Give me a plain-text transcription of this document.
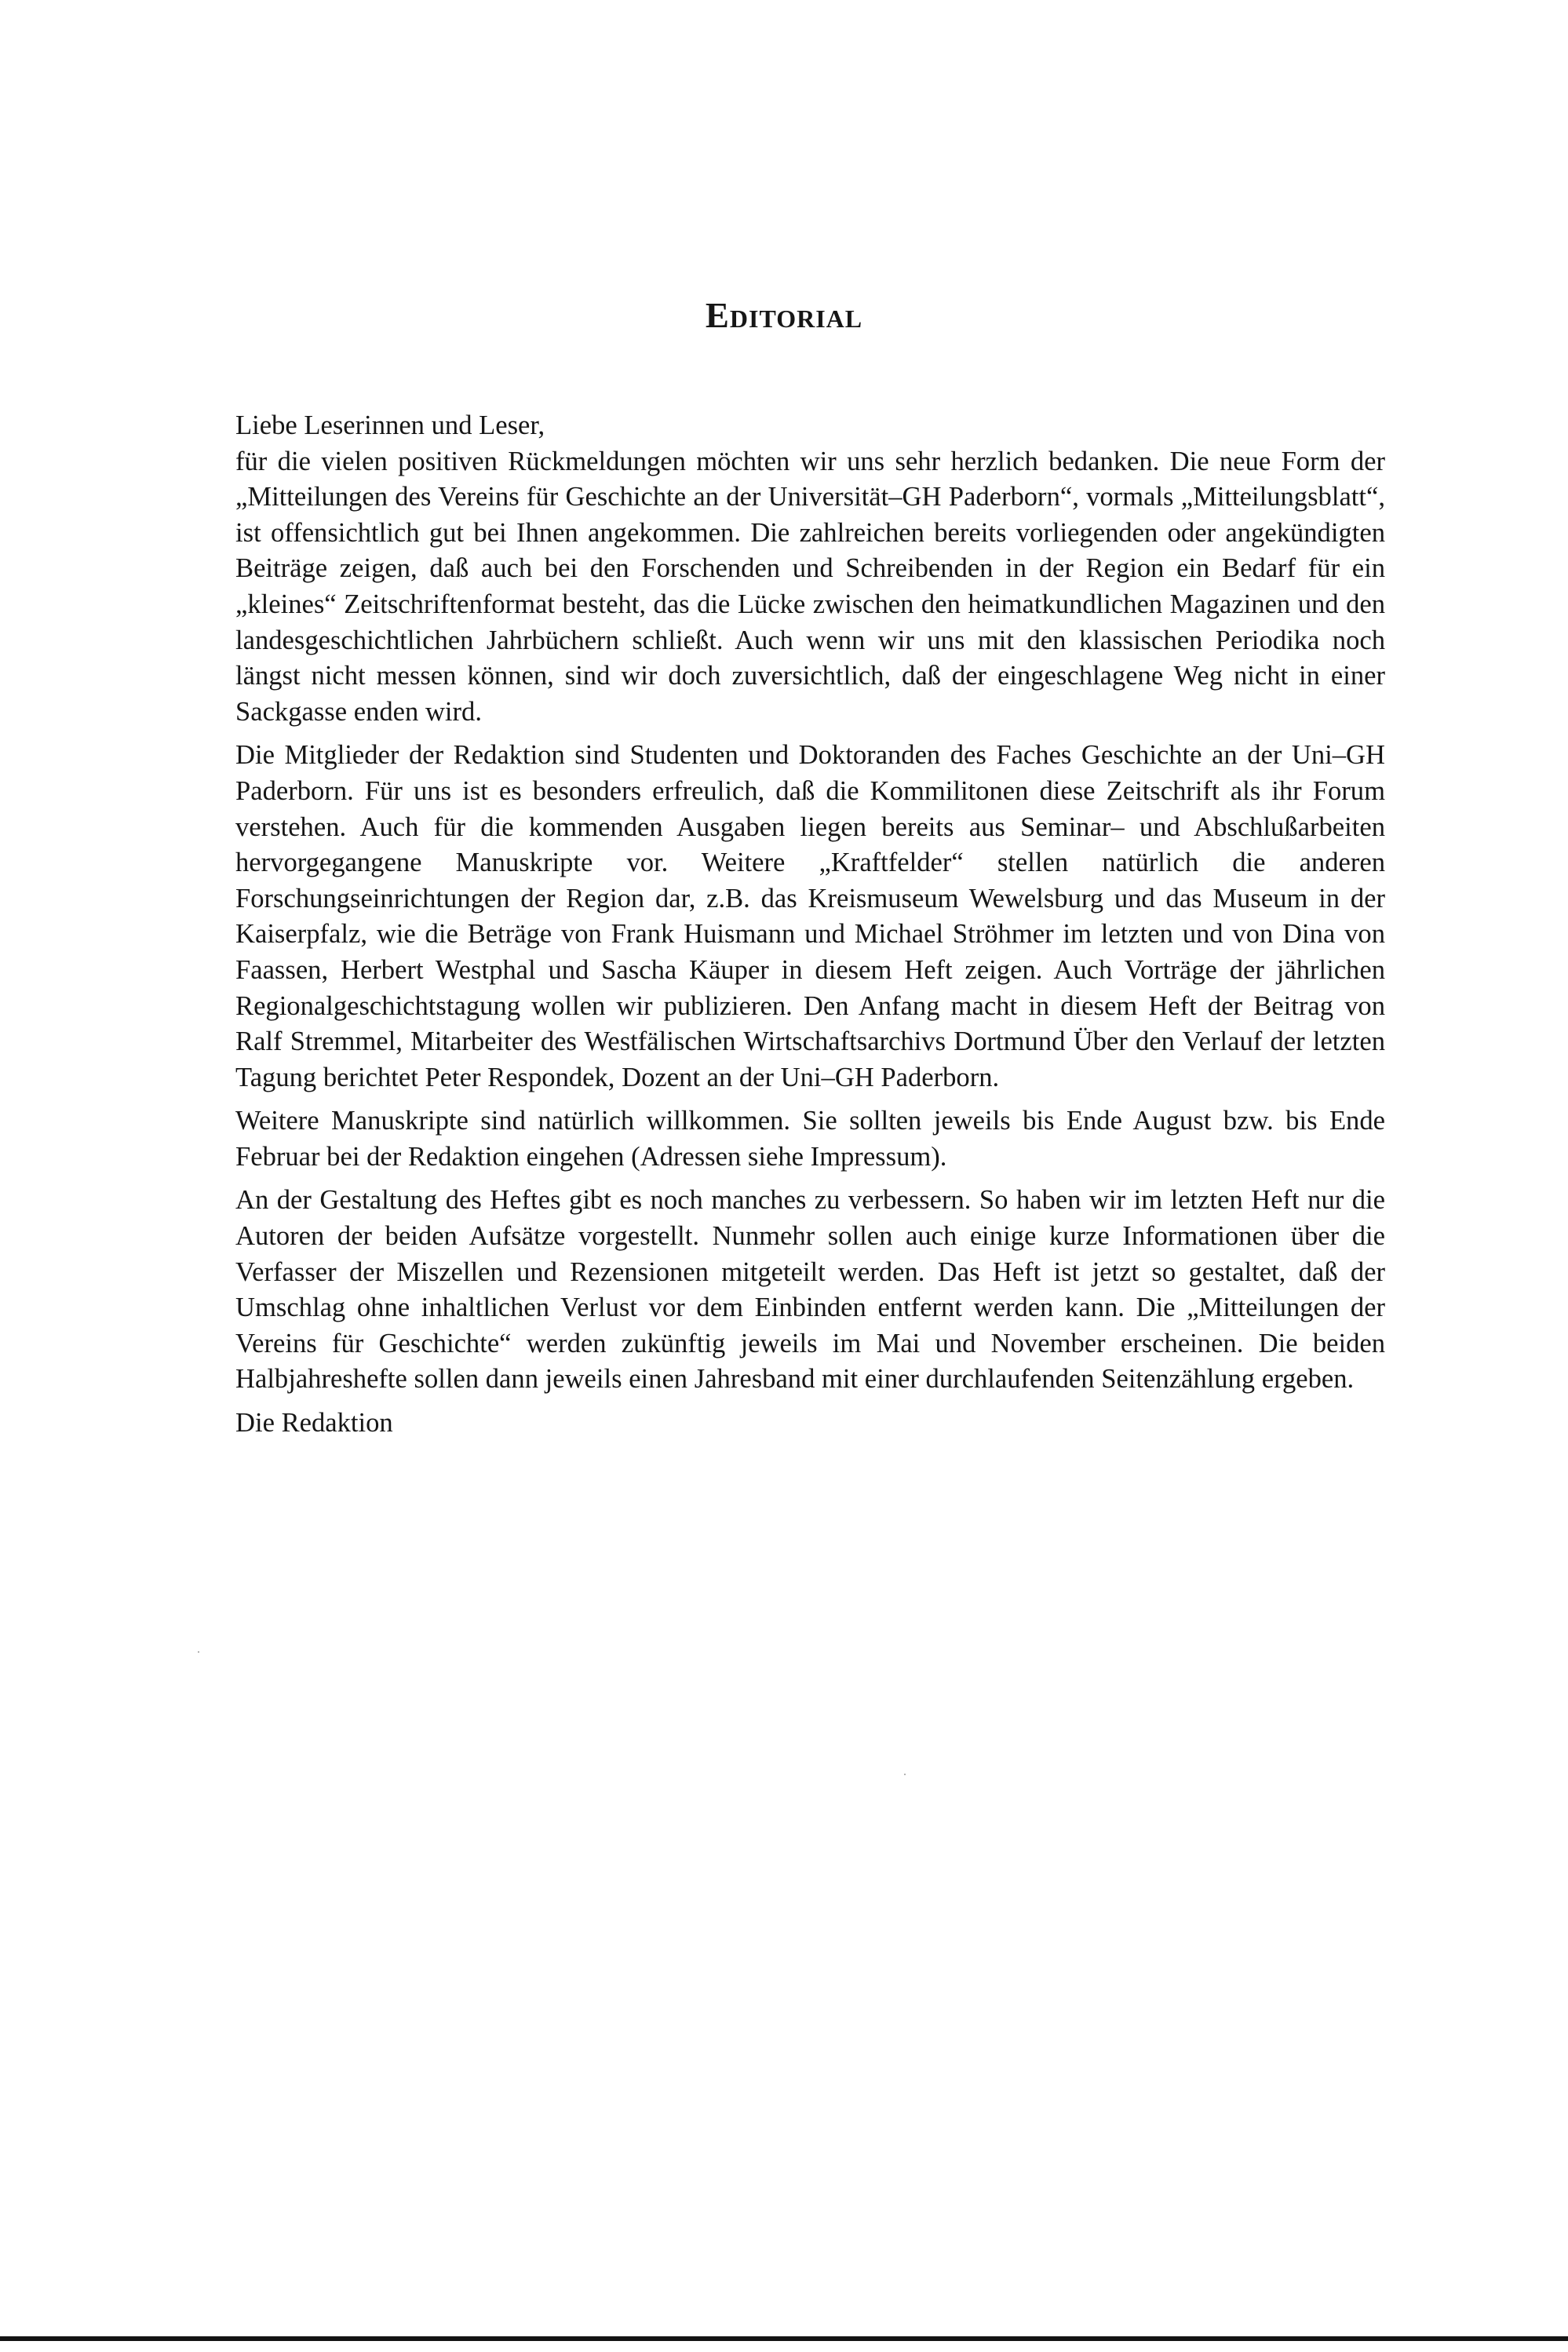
Editorial

Liebe Leserinnen und Leser,

für die vielen positiven Rückmeldungen möchten wir uns sehr herzlich bedanken. Die neue Form der „Mitteilungen des Vereins für Geschichte an der Universität–GH Paderborn“, vormals „Mitteilungsblatt“, ist offensichtlich gut bei Ihnen angekommen. Die zahlreichen bereits vorliegenden oder angekündigten Beiträge zeigen, daß auch bei den Forschenden und Schreibenden in der Region ein Bedarf für ein „kleines“ Zeitschriftenformat besteht, das die Lücke zwischen den heimatkundlichen Magazinen und den landesgeschichtlichen Jahrbüchern schließt. Auch wenn wir uns mit den klassischen Periodika noch längst nicht messen können, sind wir doch zuversichtlich, daß der eingeschlagene Weg nicht in einer Sackgasse enden wird.

Die Mitglieder der Redaktion sind Studenten und Doktoranden des Faches Geschichte an der Uni–GH Paderborn. Für uns ist es besonders erfreulich, daß die Kommilitonen diese Zeitschrift als ihr Forum verstehen. Auch für die kommenden Ausgaben liegen bereits aus Seminar– und Abschlußarbeiten hervorgegangene Manuskripte vor. Weitere „Kraftfelder“ stellen natürlich die anderen Forschungseinrichtungen der Region dar, z.B. das Kreismuseum Wewelsburg und das Museum in der Kaiserpfalz, wie die Beträge von Frank Huismann und Michael Ströhmer im letzten und von Dina von Faassen, Herbert Westphal und Sascha Käuper in diesem Heft zeigen. Auch Vorträge der jährlichen Regionalgeschichtstagung wollen wir publizieren. Den Anfang macht in diesem Heft der Beitrag von Ralf Stremmel, Mitarbeiter des Westfälischen Wirtschaftsarchivs Dortmund Über den Verlauf der letzten Tagung berichtet Peter Respondek, Dozent an der Uni–GH Paderborn.

Weitere Manuskripte sind natürlich willkommen. Sie sollten jeweils bis Ende August bzw. bis Ende Februar bei der Redaktion eingehen (Adressen siehe Impressum).

An der Gestaltung des Heftes gibt es noch manches zu verbessern. So haben wir im letzten Heft nur die Autoren der beiden Aufsätze vorgestellt. Nunmehr sollen auch einige kurze Informationen über die Verfasser der Miszellen und Rezensionen mitgeteilt werden. Das Heft ist jetzt so gestaltet, daß der Umschlag ohne inhaltlichen Verlust vor dem Einbinden entfernt werden kann. Die „Mitteilungen der Vereins für Geschichte“ werden zukünftig jeweils im Mai und November erscheinen. Die beiden Halbjahreshefte sollen dann jeweils einen Jahresband mit einer durchlaufenden Seitenzählung ergeben.

Die Redaktion
